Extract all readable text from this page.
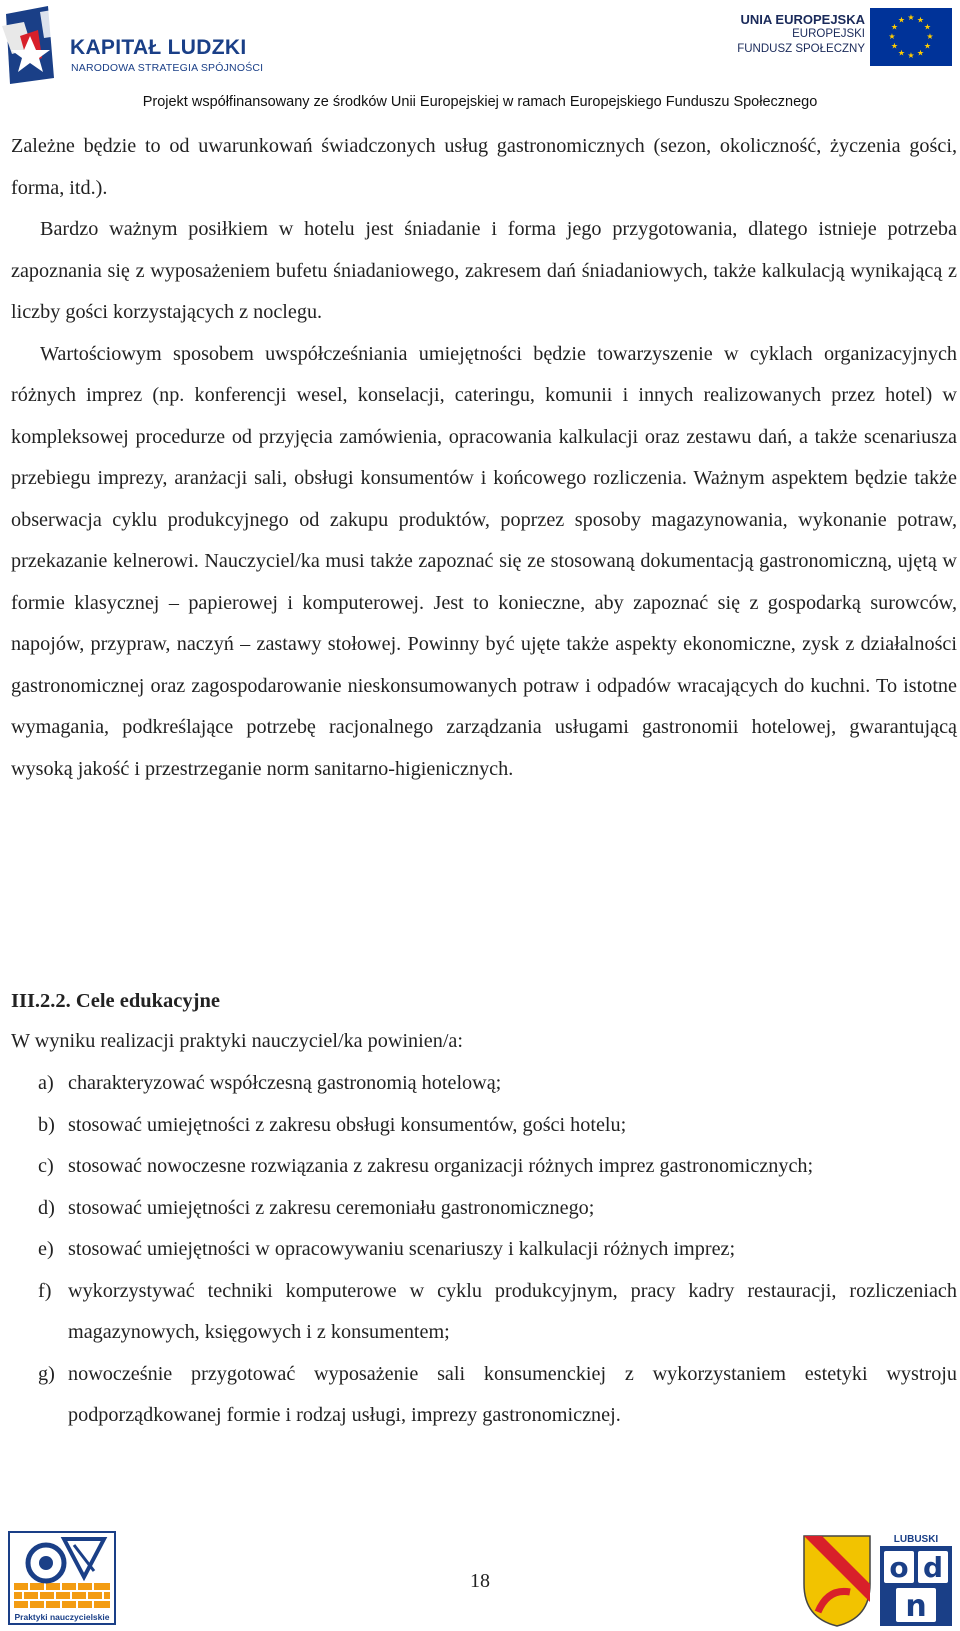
KAPITAŁ LUDZKI
NARODOWA STRATEGIA SPÓJNOŚCI
UNIA EUROPEJSKA
EUROPEJSKI
FUNDUSZ SPOŁECZNY
★ ★
★
★
★
★
★
★
★
★
★
★
Projekt współfinansowany ze środków Unii Europejskiej w ramach Europejskiego Funduszu Społecznego

Zależne będzie to od uwarunkowań świadczonych usług gastronomicznych (sezon, okoliczność, życzenia gości, forma, itd.).

Bardzo ważnym posiłkiem w hotelu jest śniadanie i forma jego przygotowania, dlatego istnieje potrzeba zapoznania się z wyposażeniem bufetu śniadaniowego, zakresem dań śniadaniowych, także kalkulacją wynikającą z liczby gości korzystających z noclegu.

Wartościowym sposobem uwspółcześniania umiejętności będzie towarzyszenie w cyklach organizacyjnych różnych imprez (np. konferencji wesel, konselacji, cateringu, komunii i innych realizowanych przez hotel) w kompleksowej procedurze od przyjęcia zamówienia, opracowania kalkulacji oraz zestawu dań, a także scenariusza przebiegu imprezy, aranżacji sali, obsługi konsumentów i końcowego rozliczenia. Ważnym aspektem będzie także obserwacja cyklu produkcyjnego od zakupu produktów, poprzez sposoby magazynowania, wykonanie potraw, przekazanie kelnerowi. Nauczyciel/ka musi także zapoznać się ze stosowaną dokumentacją gastronomiczną, ujętą w formie klasycznej – papierowej i komputerowej. Jest to konieczne, aby zapoznać się z gospodarką surowców, napojów, przypraw, naczyń – zastawy stołowej. Powinny być ujęte także aspekty ekonomiczne, zysk z działalności gastronomicznej oraz zagospodarowanie nieskonsumowanych potraw i odpadów wracających do kuchni. To istotne wymagania, podkreślające potrzebę racjonalnego zarządzania usługami gastronomii hotelowej, gwarantującą wysoką jakość i przestrzeganie norm sanitarno-higienicznych.

III.2.2. Cele edukacyjne
W wyniku realizacji praktyki nauczyciel/ka powinien/a:
a) charakteryzować współczesną gastronomią hotelową;
b) stosować umiejętności z zakresu obsługi konsumentów, gości hotelu;
c) stosować nowoczesne rozwiązania z zakresu organizacji różnych imprez gastronomicznych;
d) stosować umiejętności z zakresu ceremoniału gastronomicznego;
e) stosować umiejętności w opracowywaniu scenariuszy i kalkulacji różnych imprez;
f) wykorzystywać techniki komputerowe w cyklu produkcyjnym, pracy kadry restauracji, rozliczeniach magazynowych, księgowych i z konsumentem;
g) nowocześnie przygotować wyposażenie sali konsumenckiej z wykorzystaniem estetyki wystroju podporządkowanej formie i rodzaj usługi, imprezy gastronomicznej.
Praktyki nauczycielskie
18
LUBUSKI
o d
n
